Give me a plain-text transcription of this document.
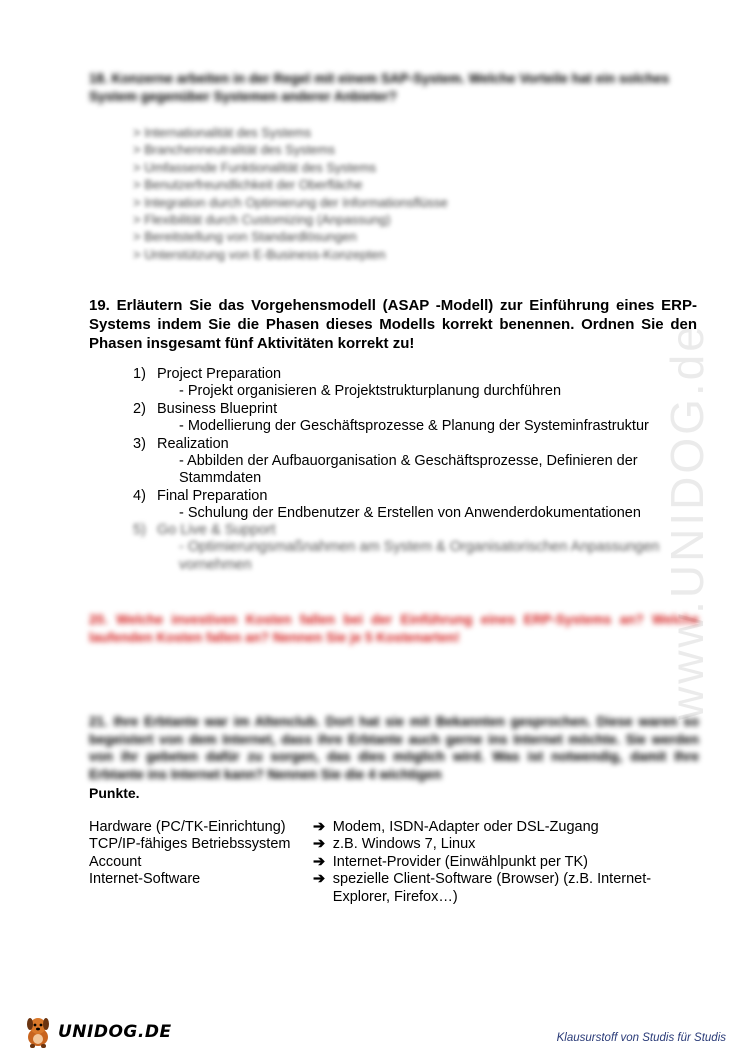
www.UNIDOG.de
18. Konzerne arbeiten in der Regel mit einem SAP-System. Welche Vorteile hat ein solches System gegenüber Systemen anderer Anbieter?
> Internationalität des Systems
> Branchenneutralität des Systems
> Umfassende Funktionalität des Systems
> Benutzerfreundlichkeit der Oberfläche
> Integration durch Optimierung der Informationsflüsse
> Flexibilität durch Customizing (Anpassung)
> Bereitstellung von Standardlösungen
> Unterstützung von E-Business-Konzepten
19. Erläutern Sie das Vorgehensmodell (ASAP -Modell) zur Einführung eines ERP-Systems indem Sie die Phasen dieses Modells korrekt benennen. Ordnen Sie den Phasen insgesamt fünf Aktivitäten korrekt zu!
1) Project Preparation
- Projekt organisieren & Projektstrukturplanung durchführen
2) Business Blueprint
- Modellierung der Geschäftsprozesse & Planung der Systeminfrastruktur
3) Realization
- Abbilden der Aufbauorganisation & Geschäftsprozesse, Definieren der Stammdaten
4) Final Preparation
- Schulung der Endbenutzer & Erstellen von Anwenderdokumentationen
5) Go Live & Support
- Optimierungsmaßnahmen am System & Organisatorischen Anpassungen vornehmen
20. Welche investiven Kosten fallen bei der Einführung eines ERP-Systems an? Welche laufenden Kosten fallen an? Nennen Sie je 5 Kostenarten!
21. Ihre Erbtante war im Altenclub. Dort hat sie mit Bekannten gesprochen. Diese waren so begeistert von dem Internet, dass ihre Erbtante auch gerne ins Internet möchte. Sie werden von ihr gebeten dafür zu sorgen, das dies möglich wird. Was ist notwendig, damit Ihre Erbtante ins Internet kann? Nennen Sie die 4 wichtigen
Punkte.
Hardware (PC/TK-Einrichtung)	➔ Modem, ISDN-Adapter oder DSL-Zugang
TCP/IP-fähiges Betriebssystem	➔ z.B. Windows 7, Linux
Account	➔ Internet-Provider (Einwählpunkt per TK)
Internet-Software	➔ spezielle Client-Software (Browser) (z.B. Internet-Explorer, Firefox…)
UNIDOG.DE	Klausurstoff von Studis für Studis
